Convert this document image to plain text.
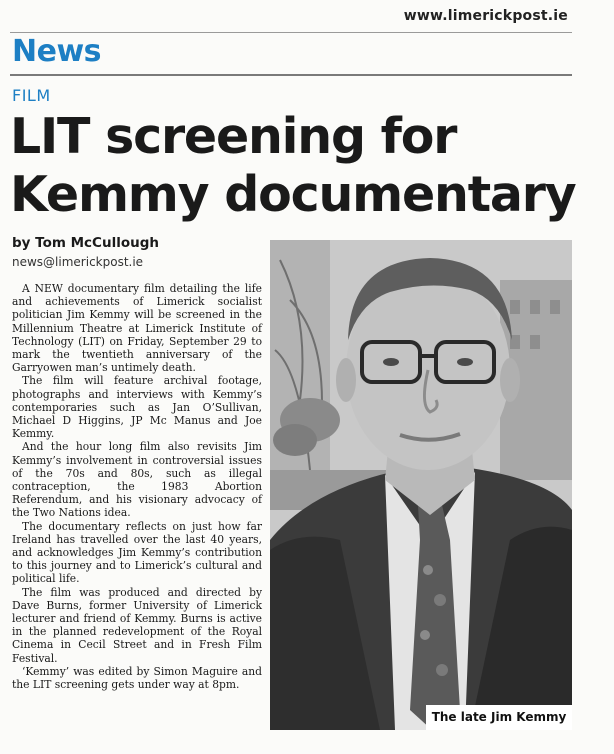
www.limerickpost.ie
News
FILM
LIT screening for Kemmy documentary
by Tom McCullough
news@limerickpost.ie

A NEW documentary film detailing the life and achievements of Limerick socialist politician Jim Kemmy will be screened in the Millennium Theatre at Limerick Institute of Technology (LIT) on Friday, September 29 to mark the twentieth anniversary of the Garryowen man’s untimely death.

The film will feature archival footage, photographs and interviews with Kemmy’s contemporaries such as Jan O’Sullivan, Michael D Higgins, JP Mc Manus and Joe Kemmy.

And the hour long film also revisits Jim Kemmy’s involvement in controversial issues of the 70s and 80s, such as illegal contraception, the 1983 Abortion Referendum, and his visionary advocacy of the Two Nations idea.

The documentary reflects on just how far Ireland has travelled over the last 40 years, and acknowledges Jim Kemmy’s contribution to this journey and to Limerick’s cultural and political life.

The film was produced and directed by Dave Burns, former University of Limerick lecturer and friend of Kemmy. Burns is active in the planned redevelopment of the Royal Cinema in Cecil Street and in Fresh Film Festival.

‘Kemmy’ was edited by Simon Maguire and the LIT screening gets under way at 8pm.

The late Jim Kemmy
